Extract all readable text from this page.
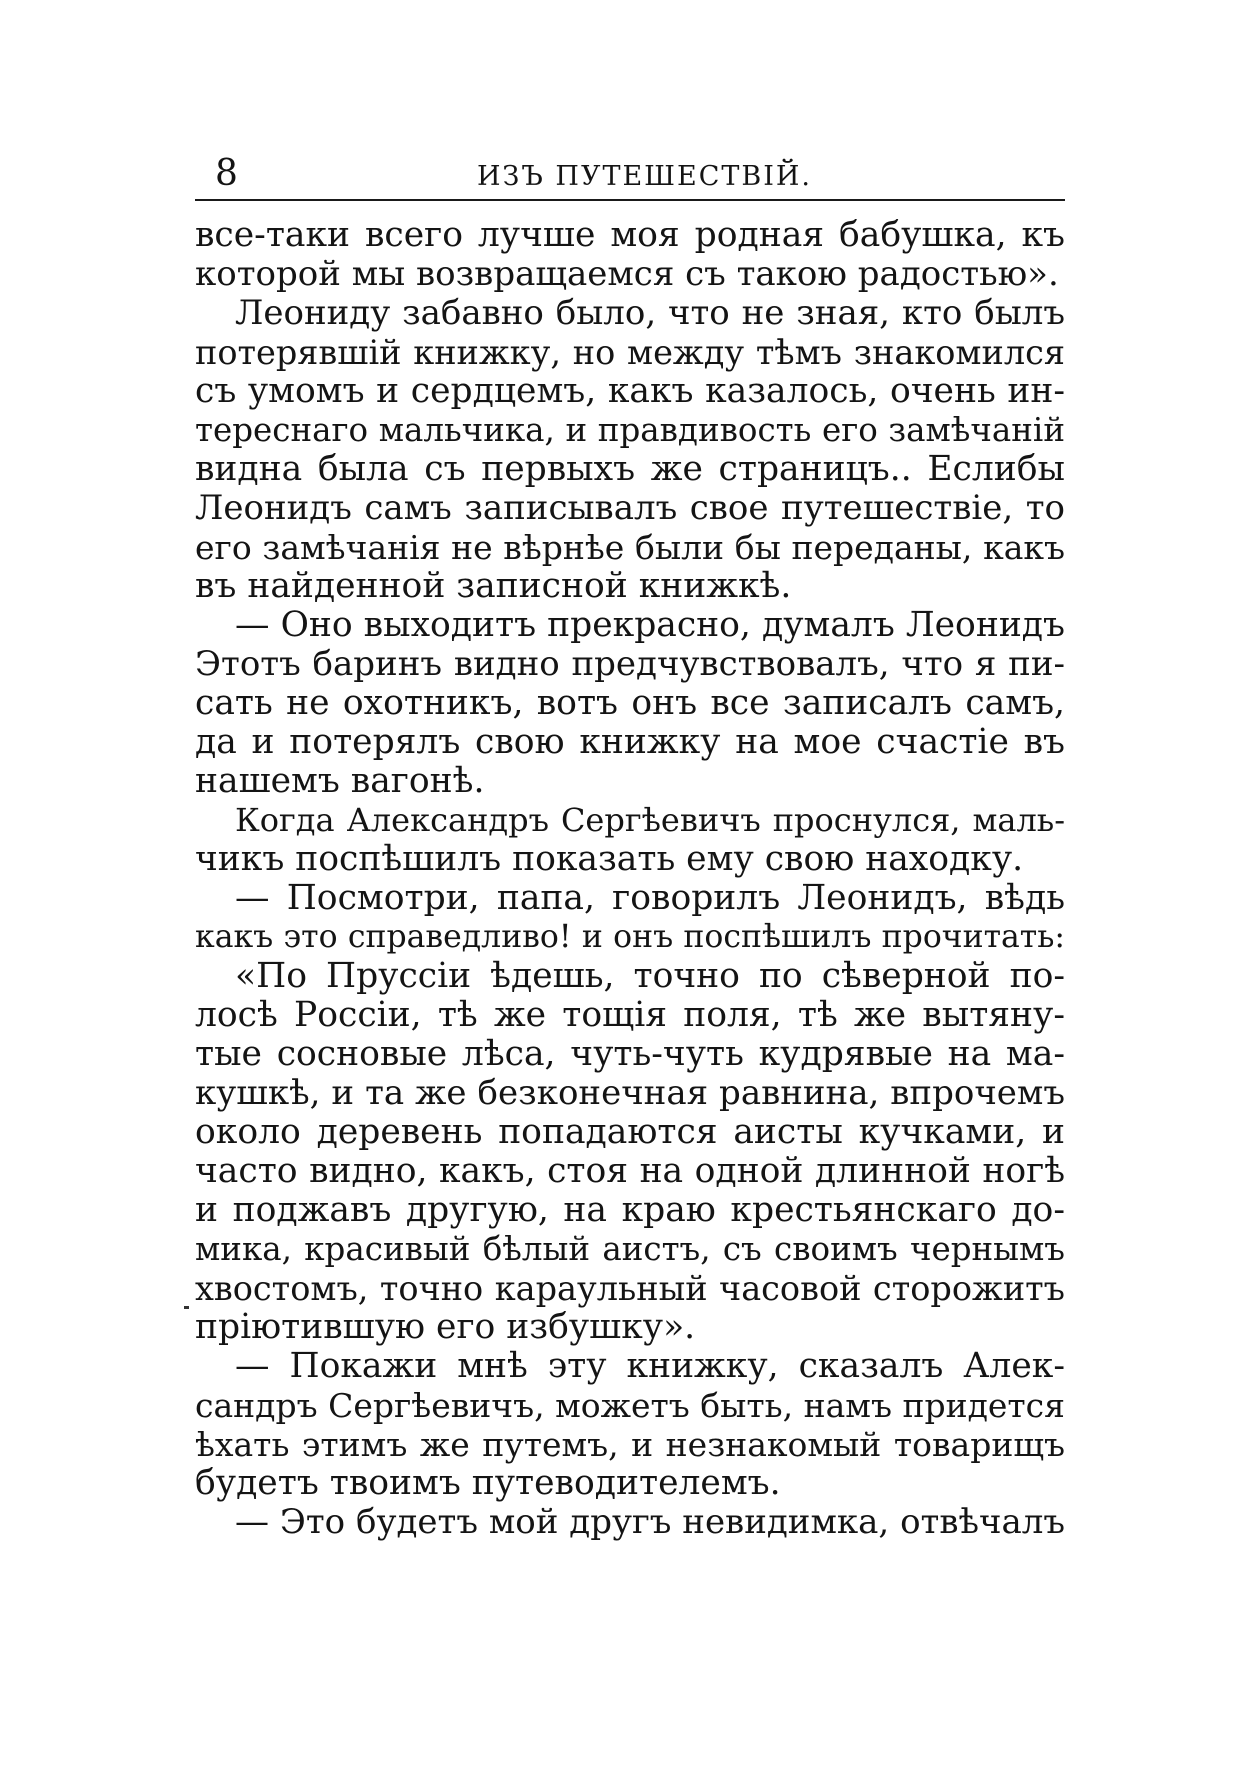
8	ИЗЪ ПУТЕШЕСТВІЙ.
все-таки всего лучше моя родная бабушка, къ
которой мы возвращаемся съ такою радостью».
Леониду забавно было, что не зная, кто былъ
потерявшій книжку, но между тѣмъ знакомился
съ умомъ и сердцемъ, какъ казалось, очень ин-
тереснаго мальчика, и правдивость его замѣчаній
видна была съ первыхъ же страницъ.. Еслибы
Леонидъ самъ записывалъ свое путешествіе, то
его замѣчанія не вѣрнѣе были бы переданы, какъ
въ найденной записной книжкѣ.
— Оно выходитъ прекрасно, думалъ Леонидъ
Этотъ баринъ видно предчувствовалъ, что я пи-
сать не охотникъ, вотъ онъ все записалъ самъ,
да и потерялъ свою книжку на мое счастіе въ
нашемъ вагонѣ.
Когда Александръ Сергѣевичъ проснулся, маль-
чикъ поспѣшилъ показать ему свою находку.
— Посмотри, папа, говорилъ Леонидъ, вѣдь
какъ это справедливо! и онъ поспѣшилъ прочитать:
«По Пруссіи ѣдешь, точно по сѣверной по-
лосѣ Россіи, тѣ же тощія поля, тѣ же вытяну-
тые сосновые лѣса, чуть-чуть кудрявые на ма-
кушкѣ, и та же безконечная равнина, впрочемъ
около деревень попадаются аисты кучками, и
часто видно, какъ, стоя на одной длинной ногѣ
и поджавъ другую, на краю крестьянскаго до-
мика, красивый бѣлый аистъ, съ своимъ чернымъ
хвостомъ, точно караульный часовой сторожитъ
пріютившую его избушку».
— Покажи мнѣ эту книжку, сказалъ Алек-
сандръ Сергѣевичъ, можетъ быть, намъ придется
ѣхать этимъ же путемъ, и незнакомый товарищъ
будетъ твоимъ путеводителемъ.
— Это будетъ мой другъ невидимка, отвѣчалъ
